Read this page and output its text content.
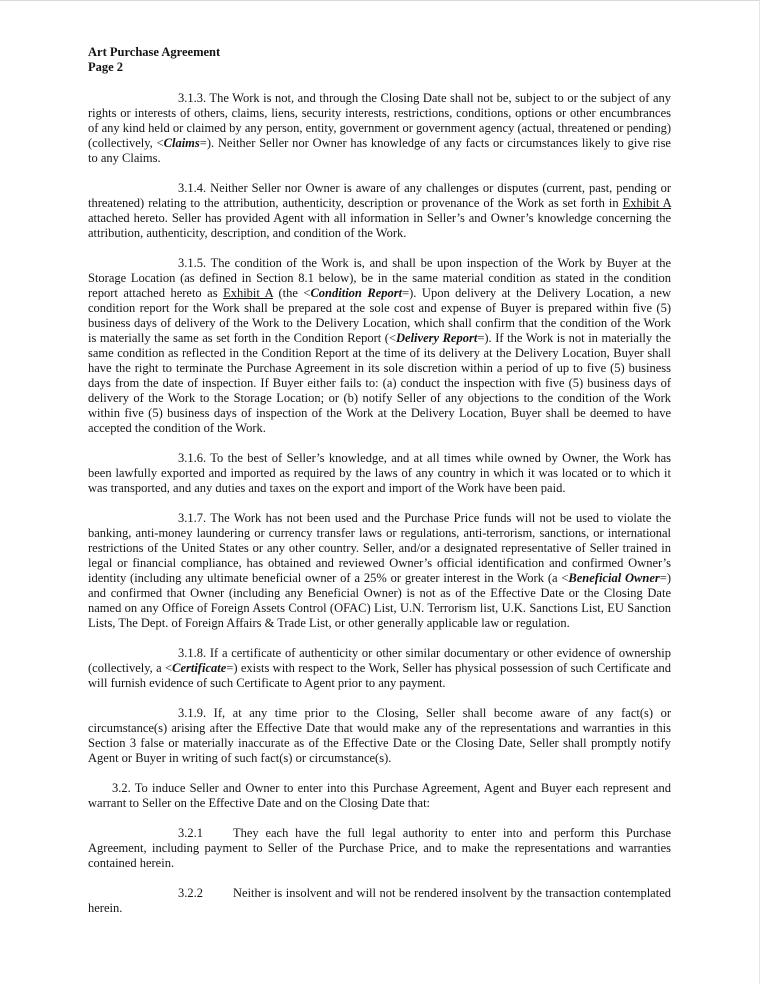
Art Purchase Agreement
Page 2

3.1.3. The Work is not, and through the Closing Date shall not be, subject to or the subject of any rights or interests of others, claims, liens, security interests, restrictions, conditions, options or other encumbrances of any kind held or claimed by any person, entity, government or government agency (actual, threatened or pending) (collectively, <Claims=). Neither Seller nor Owner has knowledge of any facts or circumstances likely to give rise to any Claims.

3.1.4. Neither Seller nor Owner is aware of any challenges or disputes (current, past, pending or threatened) relating to the attribution, authenticity, description or provenance of the Work as set forth in Exhibit A attached hereto. Seller has provided Agent with all information in Seller’s and Owner’s knowledge concerning the attribution, authenticity, description, and condition of the Work.

3.1.5. The condition of the Work is, and shall be upon inspection of the Work by Buyer at the Storage Location (as defined in Section 8.1 below), be in the same material condition as stated in the condition report attached hereto as Exhibit A (the <Condition Report=). Upon delivery at the Delivery Location, a new condition report for the Work shall be prepared at the sole cost and expense of Buyer is prepared within five (5) business days of delivery of the Work to the Delivery Location, which shall confirm that the condition of the Work is materially the same as set forth in the Condition Report (<Delivery Report=). If the Work is not in materially the same condition as reflected in the Condition Report at the time of its delivery at the Delivery Location, Buyer shall have the right to terminate the Purchase Agreement in its sole discretion within a period of up to five (5) business days from the date of inspection. If Buyer either fails to: (a) conduct the inspection with five (5) business days of delivery of the Work to the Storage Location; or (b) notify Seller of any objections to the condition of the Work within five (5) business days of inspection of the Work at the Delivery Location, Buyer shall be deemed to have accepted the condition of the Work.

3.1.6. To the best of Seller’s knowledge, and at all times while owned by Owner, the Work has been lawfully exported and imported as required by the laws of any country in which it was located or to which it was transported, and any duties and taxes on the export and import of the Work have been paid.

3.1.7. The Work has not been used and the Purchase Price funds will not be used to violate the banking, anti-money laundering or currency transfer laws or regulations, anti-terrorism, sanctions, or international restrictions of the United States or any other country. Seller, and/or a designated representative of Seller trained in legal or financial compliance, has obtained and reviewed Owner’s official identification and confirmed Owner’s identity (including any ultimate beneficial owner of a 25% or greater interest in the Work (a <Beneficial Owner=) and confirmed that Owner (including any Beneficial Owner) is not as of the Effective Date or the Closing Date named on any Office of Foreign Assets Control (OFAC) List, U.N. Terrorism list, U.K. Sanctions List, EU Sanction Lists, The Dept. of Foreign Affairs & Trade List, or other generally applicable law or regulation.

3.1.8. If a certificate of authenticity or other similar documentary or other evidence of ownership (collectively, a <Certificate=) exists with respect to the Work, Seller has physical possession of such Certificate and will furnish evidence of such Certificate to Agent prior to any payment.

3.1.9. If, at any time prior to the Closing, Seller shall become aware of any fact(s) or circumstance(s) arising after the Effective Date that would make any of the representations and warranties in this Section 3 false or materially inaccurate as of the Effective Date or the Closing Date, Seller shall promptly notify Agent or Buyer in writing of such fact(s) or circumstance(s).

3.2. To induce Seller and Owner to enter into this Purchase Agreement, Agent and Buyer each represent and warrant to Seller on the Effective Date and on the Closing Date that:

3.2.1 They each have the full legal authority to enter into and perform this Purchase Agreement, including payment to Seller of the Purchase Price, and to make the representations and warranties contained herein.

3.2.2 Neither is insolvent and will not be rendered insolvent by the transaction contemplated herein.
